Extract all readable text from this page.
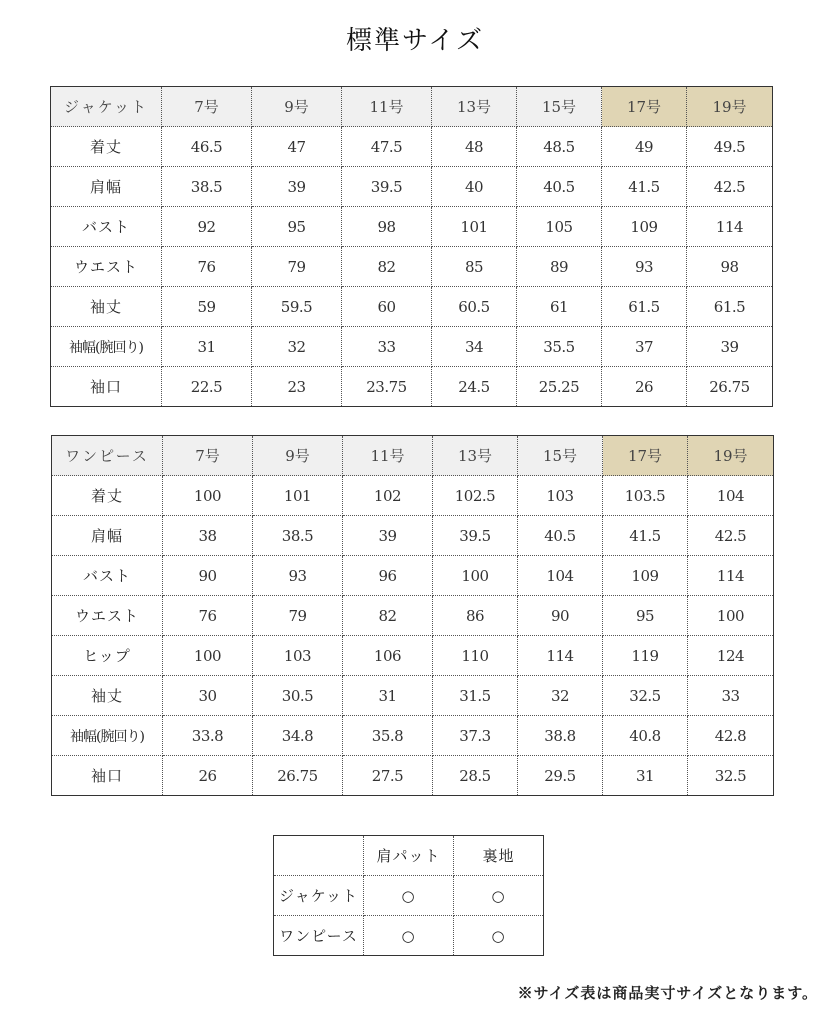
標準サイズ
ジャケット	7号	9号	11号	13号	15号	17号	19号
着丈	46.5	47	47.5	48	48.5	49	49.5
肩幅	38.5	39	39.5	40	40.5	41.5	42.5
バスト	92	95	98	101	105	109	114
ウエスト	76	79	82	85	89	93	98
袖丈	59	59.5	60	60.5	61	61.5	61.5
袖幅(腕回り)	31	32	33	34	35.5	37	39
袖口	22.5	23	23.75	24.5	25.25	26	26.75
ワンピース	7号	9号	11号	13号	15号	17号	19号
着丈	100	101	102	102.5	103	103.5	104
肩幅	38	38.5	39	39.5	40.5	41.5	42.5
バスト	90	93	96	100	104	109	114
ウエスト	76	79	82	86	90	95	100
ヒップ	100	103	106	110	114	119	124
袖丈	30	30.5	31	31.5	32	32.5	33
袖幅(腕回り)	33.8	34.8	35.8	37.3	38.8	40.8	42.8
袖口	26	26.75	27.5	28.5	29.5	31	32.5
	肩パット	裏地
ジャケット	○	○
ワンピース	○	○
※サイズ表は商品実寸サイズとなります。
